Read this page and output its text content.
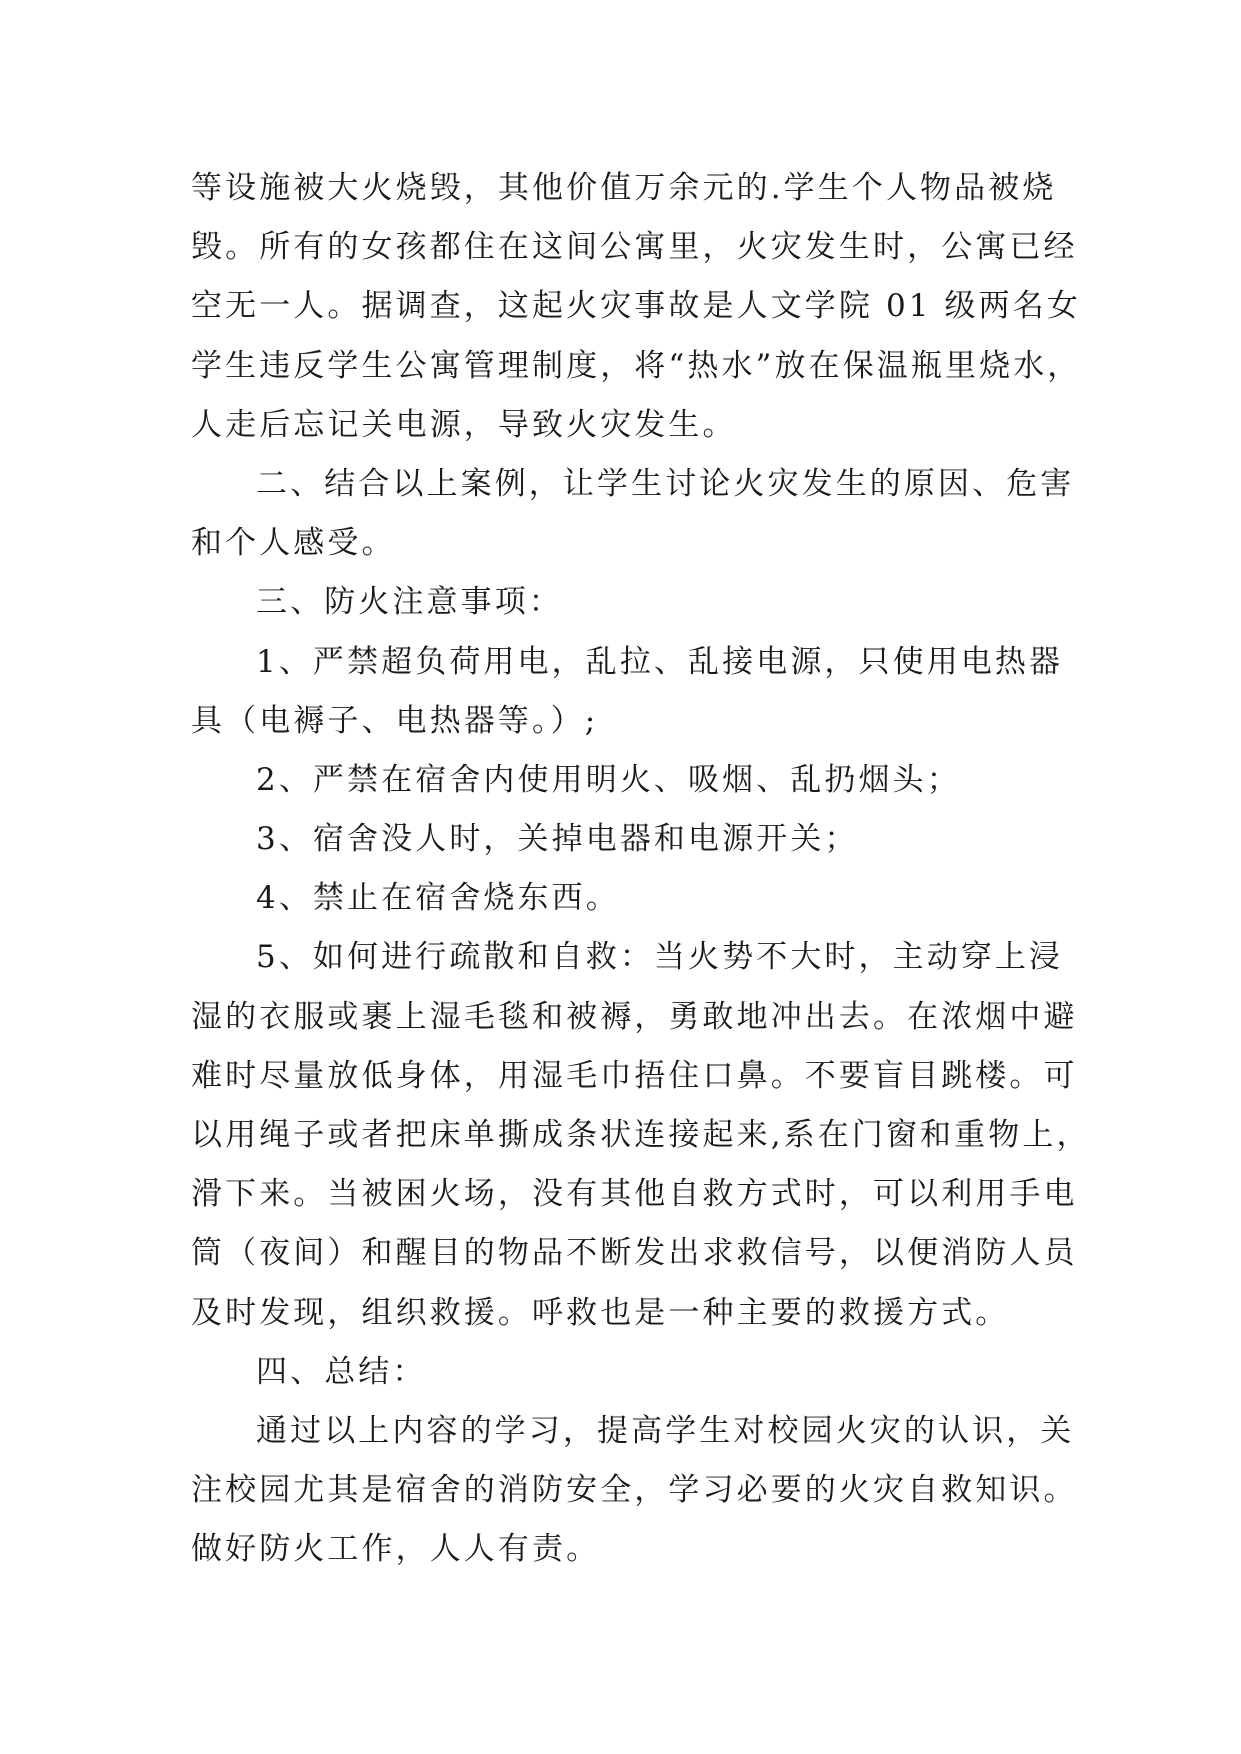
等设施被大火烧毁，其他价值万余元的.学生个人物品被烧
毁。所有的女孩都住在这间公寓里，火灾发生时，公寓已经
空无一人。据调查，这起火灾事故是人文学院 01 级两名女
学生违反学生公寓管理制度，将“热水”放在保温瓶里烧水，
人走后忘记关电源，导致火灾发生。
二、结合以上案例，让学生讨论火灾发生的原因、危害
和个人感受。
三、防火注意事项：
1、严禁超负荷用电，乱拉、乱接电源，只使用电热器
具（电褥子、电热器等。）;
2、严禁在宿舍内使用明火、吸烟、乱扔烟头；
3、宿舍没人时，关掉电器和电源开关；
4、禁止在宿舍烧东西。
5、如何进行疏散和自救：当火势不大时，主动穿上浸
湿的衣服或裹上湿毛毯和被褥，勇敢地冲出去。在浓烟中避
难时尽量放低身体，用湿毛巾捂住口鼻。不要盲目跳楼。可
以用绳子或者把床单撕成条状连接起来,系在门窗和重物上，
滑下来。当被困火场，没有其他自救方式时，可以利用手电
筒（夜间）和醒目的物品不断发出求救信号，以便消防人员
及时发现，组织救援。呼救也是一种主要的救援方式。
四、总结：
通过以上内容的学习，提高学生对校园火灾的认识，关
注校园尤其是宿舍的消防安全，学习必要的火灾自救知识。
做好防火工作，人人有责。
